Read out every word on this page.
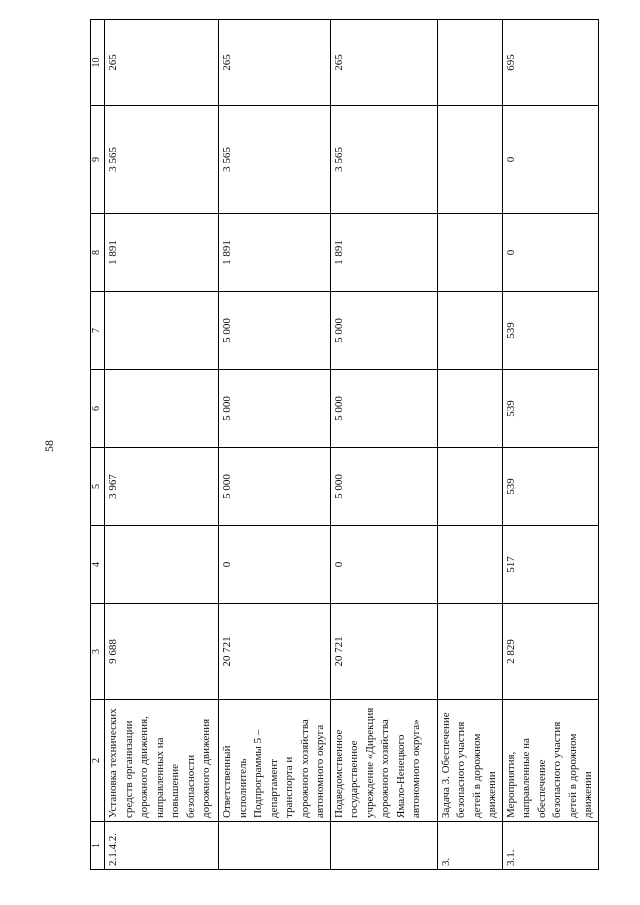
58
1	2	3	4	5	6	7	8	9	10
2.1.4.2.	Установка технических средств организации дорожного движения, направленных на повышение безопасности дорожного движения	9 688		3 967			1 891	3 565	265
	Ответственный исполнитель Подпрограммы 5 – департамент транспорта и дорожного хозяйства автономного округа	20 721	0	5 000	5 000	5 000	1 891	3 565	265
	Подведомственное государственное учреждение «Дирекция дорожного хозяйства Ямало-Ненецкого автономного округа»	20 721	0	5 000	5 000	5 000	1 891	3 565	265
3.	Задача 3. Обеспечение безопасного участия детей в дорожном движении								
3.1.	Мероприятия, направленные на обеспечение безопасного участия детей в дорожном движении	2 829	517	539	539	539	0	0	695
